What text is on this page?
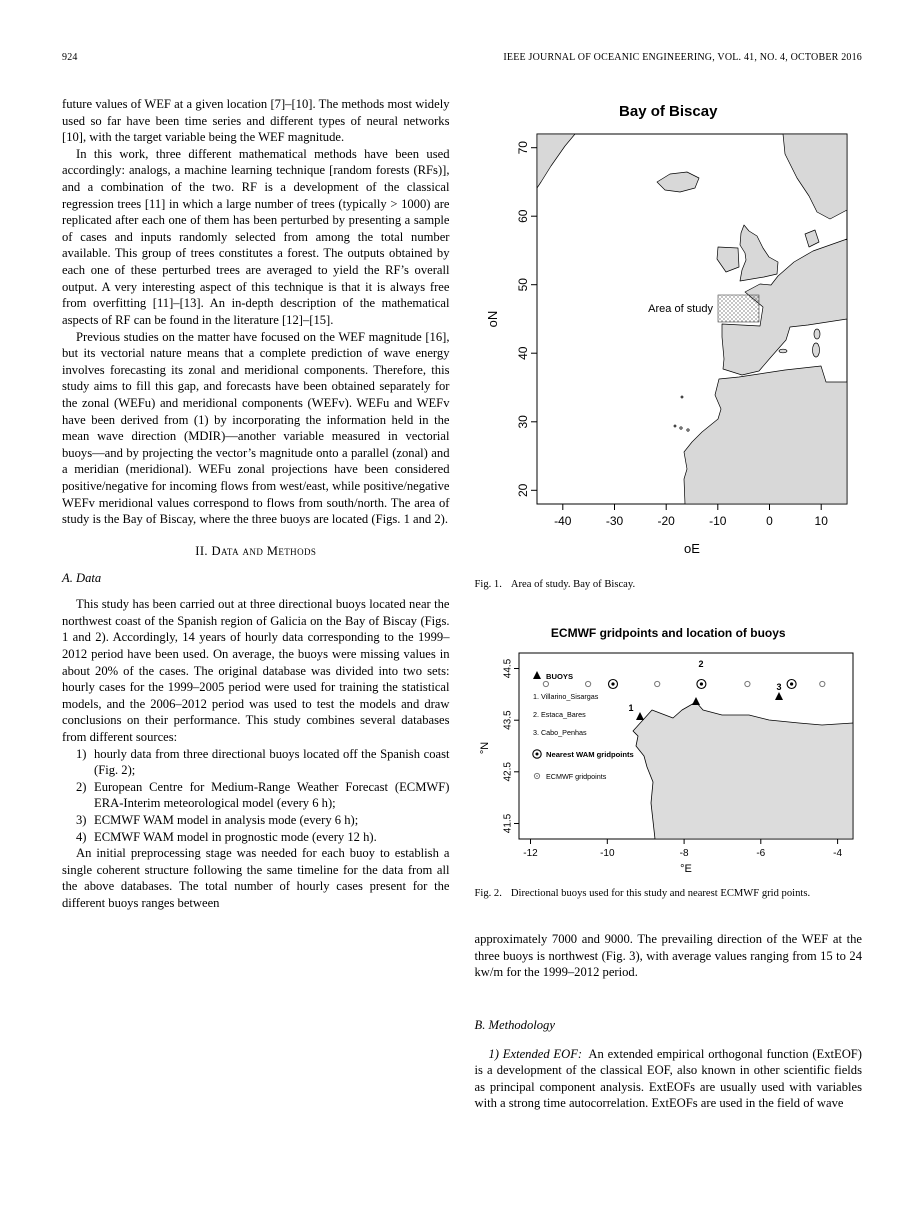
924	IEEE JOURNAL OF OCEANIC ENGINEERING, VOL. 41, NO. 4, OCTOBER 2016

future values of WEF at a given location [7]–[10]. The methods most widely used so far have been time series and different types of neural networks [10], with the target variable being the WEF magnitude.

In this work, three different mathematical methods have been used accordingly: analogs, a machine learning technique [random forests (RFs)], and a combination of the two. RF is a development of the classical regression trees [11] in which a large number of trees (typically > 1000) are replicated after each one of them has been perturbed by presenting a sample of cases and inputs randomly selected from among the total number available. This group of trees constitutes a forest. The outputs obtained by each one of these perturbed trees are averaged to yield the RF’s overall output. A very interesting aspect of this technique is that it is always free from overfitting [11]–[13]. An in-depth description of the mathematical aspects of RF can be found in the literature [12]–[15].

Previous studies on the matter have focused on the WEF magnitude [16], but its vectorial nature means that a complete prediction of wave energy involves forecasting its zonal and meridional components. Therefore, this study aims to fill this gap, and forecasts have been obtained separately for the zonal (WEFu) and meridional components (WEFv). WEFu and WEFv have been derived from (1) by incorporating the information held in the mean wave direction (MDIR)—another variable measured in vectorial buoys—and by projecting the vector’s magnitude onto a parallel (zonal) and a meridian (meridional). WEFu zonal projections have been considered positive/negative for incoming flows from west/east, while positive/negative WEFv meridional values correspond to flows from south/north. The area of study is the Bay of Biscay, where the three buoys are located (Figs. 1 and 2).

II. Data and Methods
A. Data

This study has been carried out at three directional buoys located near the northwest coast of the Spanish region of Galicia on the Bay of Biscay (Figs. 1 and 2). Accordingly, 14 years of hourly data corresponding to the 1999–2012 period have been used. On average, the buoys were missing values in about 20% of the cases. The original database was divided into two sets: hourly cases for the 1999–2005 period were used for training the statistical models, and the 2006–2012 period was used to test the models and draw conclusions on their performance. This study combines several databases from different sources:

1) hourly data from three directional buoys located off the Spanish coast (Fig. 2);
2) European Centre for Medium-Range Weather Forecast (ECMWF) ERA-Interim meteorological model (every 6 h);
3) ECMWF WAM model in analysis mode (every 6 h);
4) ECMWF WAM model in prognostic mode (every 12 h).

An initial preprocessing stage was needed for each buoy to establish a single coherent structure following the same timeline for the data from all the above databases. The total number of hourly cases present for the different buoys ranges between

Bay of Biscay
Area of study
-40	-30	-20	-10	0	10
70
60
50
40
30
20
oN
oE
Fig. 1. Area of study. Bay of Biscay.
ECMWF gridpoints and location of buoys
1
2
3
BUOYS
1. Villarino_Sisargas
2. Estaca_Bares
3. Cabo_Penhas
Nearest WAM gridpoints
ECMWF gridpoints
-12	-10	-8	-6	-4
44.5
43.5
42.5
41.5
°N
°E
Fig. 2. Directional buoys used for this study and nearest ECMWF grid points.

approximately 7000 and 9000. The prevailing direction of the WEF at the three buoys is northwest (Fig. 3), with average values ranging from 15 to 24 kw/m for the 1999–2012 period.

B. Methodology

1) Extended EOF:  An extended empirical orthogonal function (ExtEOF) is a development of the classical EOF, also known in other scientific fields as principal component analysis. ExtEOFs are usually used with variables with a strong time autocorrelation. ExtEOFs are used in the field of wave
